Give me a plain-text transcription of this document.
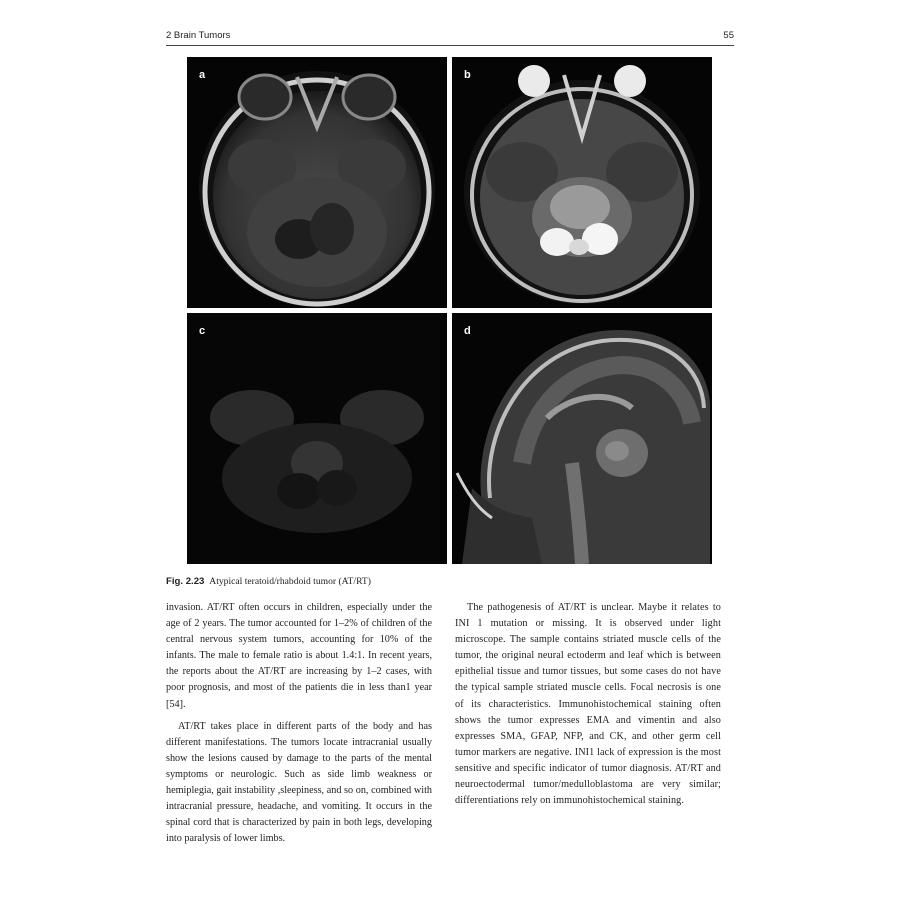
2 Brain Tumors	55
a	b
c	d
Fig. 2.23 Atypical teratoid/rhabdoid tumor (AT/RT)

invasion. AT/RT often occurs in children, especially under the age of 2 years. The tumor accounted for 1–2% of children of the central nervous system tumors, accounting for 10% of the infants. The male to female ratio is about 1.4:1. In recent years, the reports about the AT/RT are increasing by 1–2 cases, with poor prognosis, and most of the patients die in less than1 year [54].

AT/RT takes place in different parts of the body and has different manifestations. The tumors locate intracranial usually show the lesions caused by damage to the parts of the mental symptoms or neurologic. Such as side limb weakness or hemiplegia, gait instability ,sleepiness, and so on, combined with intracranial pressure, headache, and vomiting. It occurs in the spinal cord that is characterized by pain in both legs, developing into paralysis of lower limbs.

The pathogenesis of AT/RT is unclear. Maybe it relates to INI 1 mutation or missing. It is observed under light microscope. The sample contains striated muscle cells of the tumor, the original neural ectoderm and leaf which is between epithelial tissue and tumor tissues, but some cases do not have the typical sample striated muscle cells. Focal necrosis is one of its characteristics. Immunohistochemical staining often shows the tumor expresses EMA and vimentin and also expresses SMA, GFAP, NFP, and CK, and other germ cell tumor markers are negative. INI1 lack of expression is the most sensitive and specific indicator of tumor diagnosis. AT/RT and neuroectodermal tumor/medulloblastoma are very similar; differentiations rely on immunohistochemical staining.
